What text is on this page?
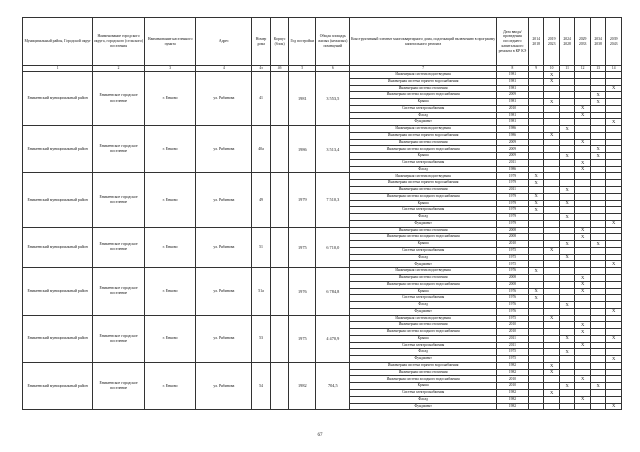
Муниципальный район, Городской округ	Наименование городского округа, городского (сельского) поселения	Наименование населенного пункта	Адрес	Номер дома	Корпус (блок)	Год постройки	Общая площадь жилых (нежилых) помещений	Конструктивный элемент многоквартирного дома, подлежащий включению в программу капитального ремонта	Дата ввода/проведения последнего капитального ремонта в КР КЭ	2014 2018	2019 2023	2024 2028	2029 2033	2034 2038	2039 2043
1	2	3	4	4з	4б	5	6	7	8	9	10	11	12	13	14
Еникеевский муниципальный район	Еникеевское городское поселение	г. Енково	ул. Рябинова	41		1981	3 553,5	Инженерная система водоотведения	1981		X				
								Инженерная система горячего водоснабжения	1981		X				
								Инженерная система отопления	1981						X
								Инженерная система холодного водоснабжения	2009					X	
								Крыша	1981		X			X	
								Система электроснабжения	2010				X		
								Фасад	1981				X		
								Фундамент	1981						X
Еникеевский муниципальный район	Еникеевское городское поселение	г. Енково	ул. Рябинова	40а		1986	3 513,4	Инженерная система водоотведения	1986			X			
								Инженерная система горячего водоснабжения	1986		X				
								Инженерная система отопления	2009				X		
								Инженерная система холодного водоснабжения	2009					X	
								Крыша	2009			X		X	
								Система электроснабжения	2011				X		
								Фасад	1986				X		
Еникеевский муниципальный район	Еникеевское городское поселение	г. Енково	ул. Рябинова	49		1979	7 510,3	Инженерная система водоотведения	1979	X					
								Инженерная система горячего водоснабжения	1979	X					
								Инженерная система отопления	2011			X			
								Инженерная система холодного водоснабжения	1979	X					
								Крыша	1979	X		X			
								Система электроснабжения	1979	X					
								Фасад	1979			X			
								Фундамент	1979						X
Еникеевский муниципальный район	Еникеевское городское поселение	г. Енково	ул. Рябинова	51		1975	6 710,0	Инженерная система отопления	2008				X		
								Инженерная система холодного водоснабжения	2008				X		
								Крыша	2010			X		X	
								Система электроснабжения	1975		X				
								Фасад	1975			X			
								Фундамент	1975						X
Еникеевский муниципальный район	Еникеевское городское поселение	г. Енково	ул. Рябинова	51а		1976	6 784,8	Инженерная система водоотведения	1976	X					
								Инженерная система отопления	2008				X		
								Инженерная система холодного водоснабжения	2008				X		
								Крыша	1976	X			X		
								Система электроснабжения	1976	X					
								Фасад	1976			X			
								Фундамент	1976						X
Еникеевский муниципальный район	Еникеевское городское поселение	г. Енково	ул. Рябинова	53		1975	4 470,9	Инженерная система водоотведения	1975		X				
								Инженерная система отопления	2010				X		
								Инженерная система холодного водоснабжения	2010				X		
								Крыша	2011			X			X
								Система электроснабжения	2011				X		
								Фасад	1975			X			
								Фундамент	1975						X
Еникеевский муниципальный район	Еникеевское городское поселение	г. Енково	ул. Рябинова	54		1982	704,5	Инженерная система горячего водоснабжения	1982		X				
								Инженерная система отопления	1982		X				
								Инженерная система холодного водоснабжения	2010				X		
								Крыша	2010			X		X	
								Система электроснабжения	1982		X				
								Фасад	1982				X		
								Фундамент	1982						X
67
